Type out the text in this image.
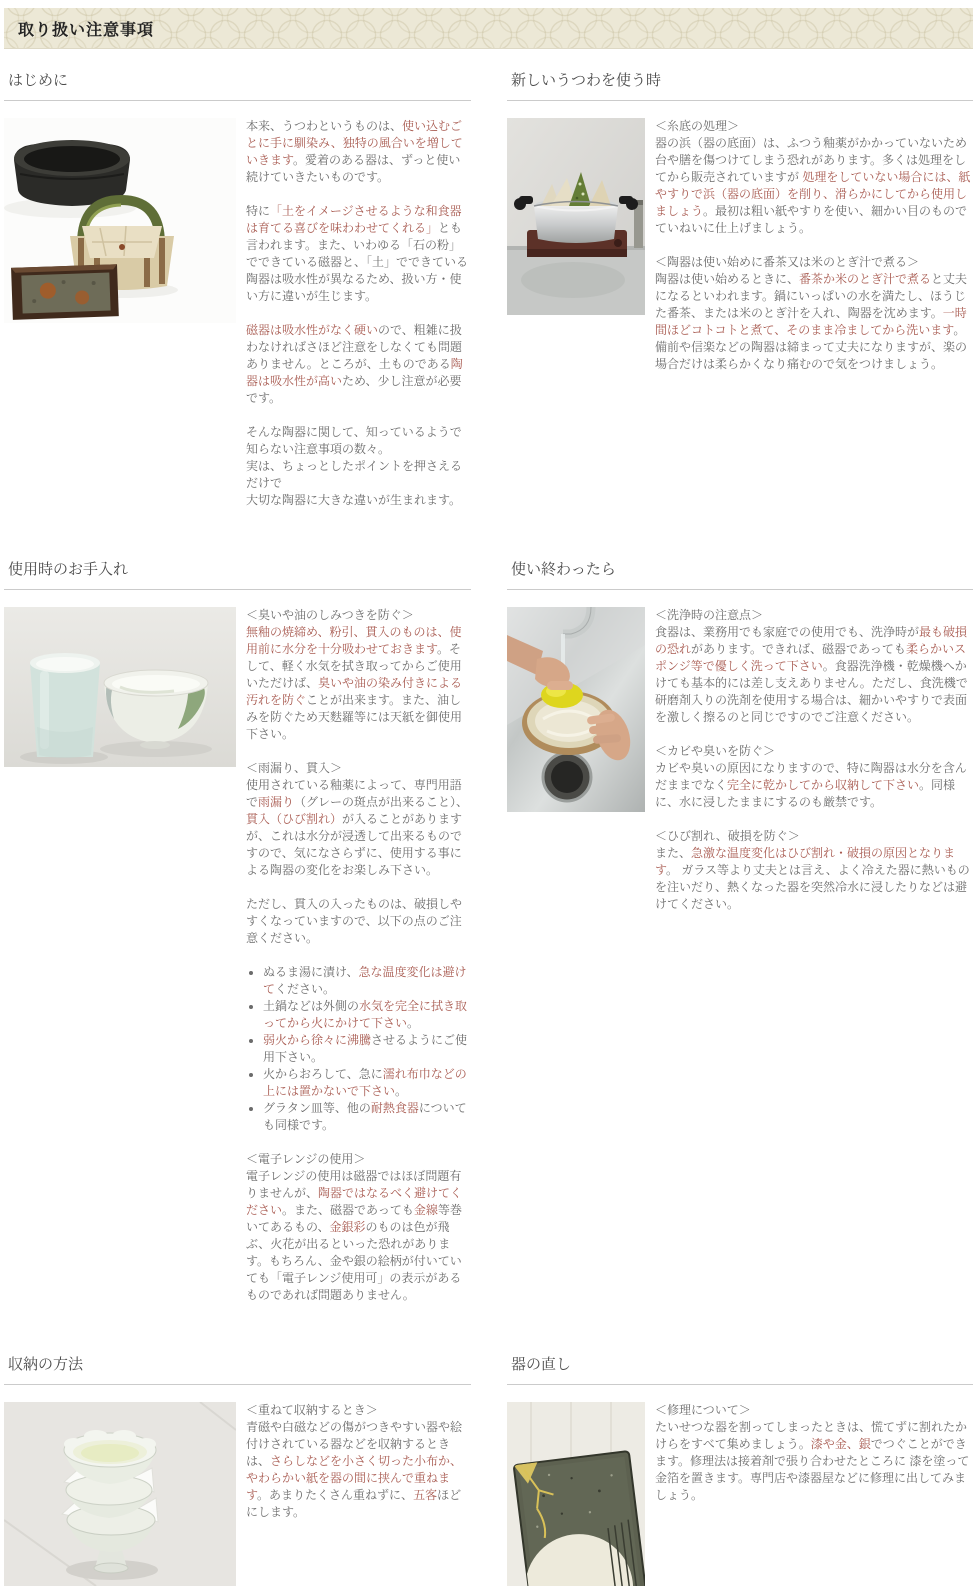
取り扱い注意事項
はじめに

本来、うつわというものは、使い込むごとに手に馴染み、独特の風合いを増していきます。愛着のある器は、ずっと使い続けていきたいものです。

特に「土をイメージさせるような和食器は育てる喜びを味わわせてくれる」とも言われます。また、いわゆる「石の粉」でできている磁器と、「土」でできている陶器は吸水性が異なるため、扱い方・使い方に違いが生じます。

磁器は吸水性がなく硬いので、粗雑に扱わなければさほど注意をしなくても問題ありません。ところが、土ものである陶器は吸水性が高いため、少し注意が必要です。

そんな陶器に関して、知っているようで知らない注意事項の数々。
実は、ちょっとしたポイントを押さえるだけで
大切な陶器に大きな違いが生まれます。

新しいうつわを使う時

＜糸底の処理＞

器の浜（器の底面）は、ふつう釉薬がかかっていないため 台や膳を傷つけてしまう恐れがあります。多くは処理をしてから販売されていますが 処理をしていない場合には、紙やすりで浜（器の底面）を削り、滑らかにしてから使用しましょう。最初は粗い紙やすりを使い、細かい目のものでていねいに仕上げましょう。

＜陶器は使い始めに番茶又は米のとぎ汁で煮る＞

陶器は使い始めるときに、番茶か米のとぎ汁で煮ると丈夫になるといわれます。鍋にいっぱいの水を満たし、ほうじた番茶、または米のとぎ汁を入れ、陶器を沈めます。一時間ほどコトコトと煮て、そのまま冷ましてから洗います。備前や信楽などの陶器は締まって丈夫になりますが、楽の場合だけは柔らかくなり痛むので気をつけましょう。

使用時のお手入れ

＜臭いや油のしみつきを防ぐ＞

無釉の焼締め、粉引、貫入のものは、使用前に水分を十分吸わせておきます。そして、軽く水気を拭き取ってからご使用いただけば、臭いや油の染み付きによる汚れを防ぐことが出来ます。また、油しみを防ぐため天麩羅等には天紙を御使用下さい。

＜雨漏り、貫入＞

使用されている釉薬によって、専門用語で雨漏り（グレーの斑点が出来ること）、貫入（ひび割れ）が入ることがありますが、これは水分が浸透して出来るものですので、気になさらずに、使用する事による陶器の変化をお楽しみ下さい。

ただし、貫入の入ったものは、破損しやすくなっていますので、以下の点のご注意ください。

• ぬるま湯に漬け、急な温度変化は避けてください。
• 土鍋などは外側の水気を完全に拭き取ってから火にかけて下さい。
• 弱火から徐々に沸騰させるようにご使用下さい。
• 火からおろして、急に濡れ布巾などの上には置かないで下さい。
• グラタン皿等、他の耐熱食器についても同様です。

＜電子レンジの使用＞

電子レンジの使用は磁器ではほぼ問題有りませんが、陶器ではなるべく避けてください。また、磁器であっても金線等巻いてあるもの、金銀彩のものは色が飛ぶ、火花が出るといった恐れがあります。もちろん、金や銀の絵柄が付いていても「電子レンジ使用可」の表示があるものであれば問題ありません。

使い終わったら

＜洗浄時の注意点＞

食器は、業務用でも家庭での使用でも、洗浄時が最も破損の恐れがあります。できれば、磁器であっても柔らかいスポンジ等で優しく洗って下さい。食器洗浄機・乾燥機へかけても基本的には差し支えありません。ただし、食洗機で研磨剤入りの洗剤を使用する場合は、細かいやすりで表面を激しく擦るのと同じですのでご注意ください。

＜カビや臭いを防ぐ＞

カビや臭いの原因になりますので、特に陶器は水分を含んだままでなく完全に乾かしてから収納して下さい。同様に、水に浸したままにするのも厳禁です。

＜ひび割れ、破損を防ぐ＞

また、急激な温度変化はひび割れ・破損の原因となります。 ガラス等より丈夫とは言え、よく冷えた器に熱いものを注いだり、熱くなった器を突然冷水に浸したりなどは避けてください。

収納の方法

＜重ねて収納するとき＞

青磁や白磁などの傷がつきやすい器や絵付けされている器などを収納するときは、さらしなどを小さく切った小布か、やわらかい紙を器の間に挟んで重ねます。あまりたくさん重ねずに、五客ほどにします。

器の直し

＜修理について＞

たいせつな器を割ってしまったときは、慌てずに割れたかけらをすべて集めましょう。漆や金、銀でつぐことができます。修理法は接着剤で張り合わせたところに 漆を塗って金箔を置きます。専門店や漆器屋などに修理に出してみましょう。
